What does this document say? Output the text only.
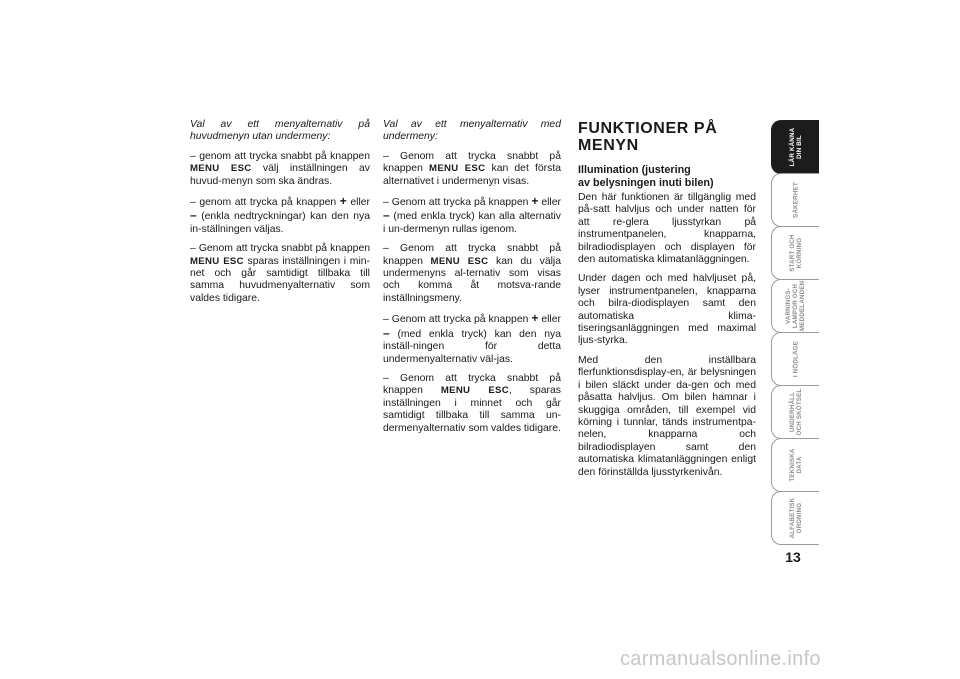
Val av ett menyalternativ på huvudmenyn utan undermeny:

– genom att trycka snabbt på knappen MENU ESC välj inställningen av huvud-menyn som ska ändras.

– genom att trycka på knappen + eller – (enkla nedtryckningar) kan den nya in-ställningen väljas.

– Genom att trycka snabbt på knappen MENU ESC sparas inställningen i min-net och går samtidigt tillbaka till samma huvudmenyalternativ som valdes tidigare.

Val av ett menyalternativ med undermeny:

– Genom att trycka snabbt på knappen MENU ESC kan det första alternativet i undermenyn visas.

– Genom att trycka på knappen + eller – (med enkla tryck) kan alla alternativ i un-dermenyn rullas igenom.

– Genom att trycka snabbt på knappen MENU ESC kan du välja undermenyns al-ternativ som visas och komma åt motsva-rande inställningsmeny.

– Genom att trycka på knappen + eller – (med enkla tryck) kan den nya inställ-ningen för detta undermenyalternativ väl-jas.

– Genom att trycka snabbt på knappen MENU ESC, sparas inställningen i minnet och går samtidigt tillbaka till samma un-dermenyalternativ som valdes tidigare.

FUNKTIONER PÅ
MENYN
Illumination (justering
av belysningen inuti bilen)

Den här funktionen är tillgänglig med på-satt halvljus och under natten för att re-glera ljusstyrkan på instrumentpanelen, knapparna, bilradiodisplayen och displayen för den automatiska klimatanläggningen.

Under dagen och med halvljuset på, lyser instrumentpanelen, knapparna och bilra-diodisplayen samt den automatiska klima-tiseringsanläggningen med maximal ljus-styrka.

Med den inställbara flerfunktionsdisplay-en, är belysningen i bilen släckt under da-gen och med påsatta halvljus. Om bilen hamnar i skuggiga områden, till exempel vid körning i tunnlar, tänds instrumentpa-nelen, knapparna och bilradiodisplayen samt den automatiska klimatanläggningen enligt den förinställda ljusstyrkenivån.

LÄR KÄNNA
DIN BIL
SÄKERHET
START OCH
KÖRNING
VARNINGS-
LAMPOR OCH
MEDDELANDEN
I NÖDLÄGE
UNDERHÅLL
OCH SKÖTSEL
TEKNISKA
DATA
ALFABETISK
ORDNING
13
carmanualsonline.info
